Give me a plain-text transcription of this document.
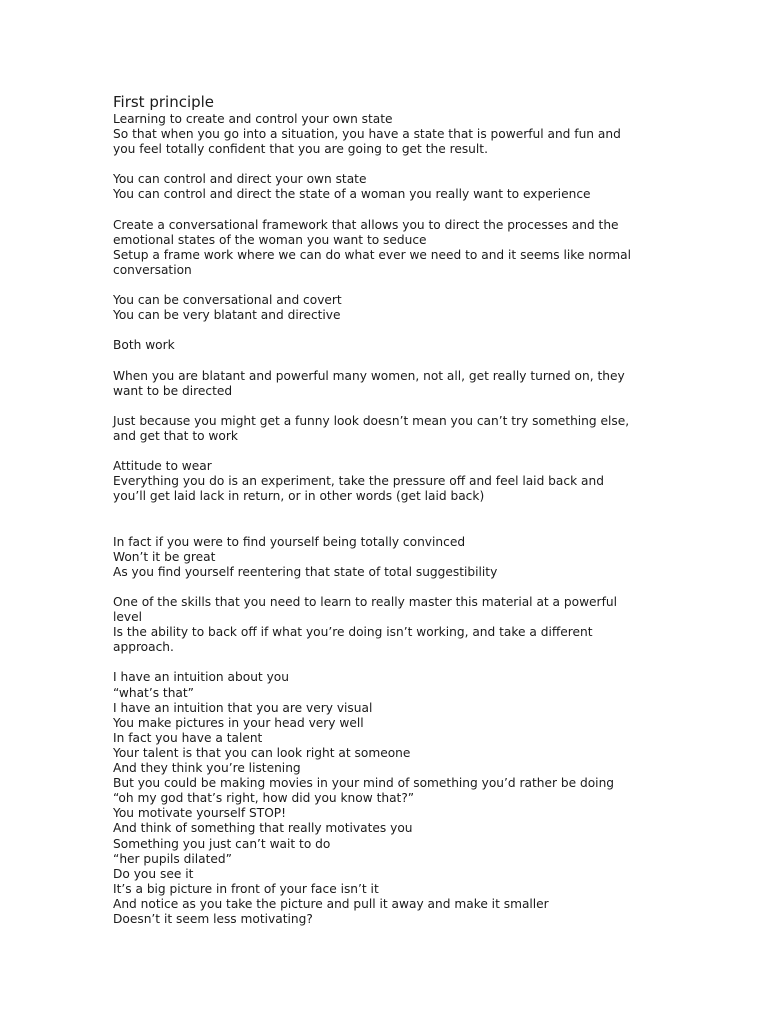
First principle
Learning to create and control your own state
So that when you go into a situation, you have a state that is powerful and fun and
you feel totally confident that you are going to get the result.
You can control and direct your own state
You can control and direct the state of a woman you really want to experience
Create a conversational framework that allows you to direct the processes and the
emotional states of the woman you want to seduce
Setup a frame work where we can do what ever we need to and it seems like normal
conversation
You can be conversational and covert
You can be very blatant and directive
Both work
When you are blatant and powerful many women, not all, get really turned on, they
want to be directed
Just because you might get a funny look doesn’t mean you can’t try something else,
and get that to work
Attitude to wear
Everything you do is an experiment, take the pressure off and feel laid back and
you’ll get laid lack in return, or in other words (get laid back)
In fact if you were to find yourself being totally convinced
Won’t it be great
As you find yourself reentering that state of total suggestibility
One of the skills that you need to learn to really master this material at a powerful
level
Is the ability to back off if what you’re doing isn’t working, and take a different
approach.
I have an intuition about you
“what’s that”
I have an intuition that you are very visual
You make pictures in your head very well
In fact you have a talent
Your talent is that you can look right at someone
And they think you’re listening
But you could be making movies in your mind of something you’d rather be doing
“oh my god that’s right, how did you know that?”
You motivate yourself STOP!
And think of something that really motivates you
Something you just can’t wait to do
“her pupils dilated”
Do you see it
It’s a big picture in front of your face isn’t it
And notice as you take the picture and pull it away and make it smaller
Doesn’t it seem less motivating?
